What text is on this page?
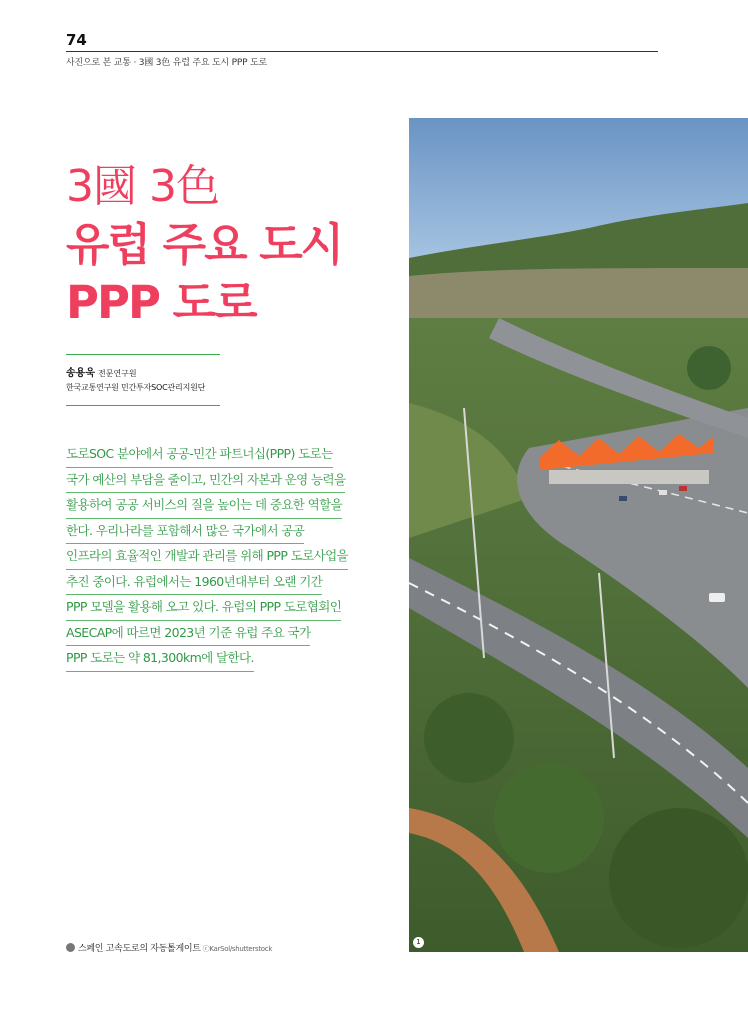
74
사진으로 본 교통 · 3國 3色 유럽 주요 도시 PPP 도로
3國 3色
유럽 주요 도시
PPP 도로
송용욱 전문연구원
한국교통연구원 민간투자SOC관리지원단
도로SOC 분야에서 공공-민간 파트너십(PPP) 도로는
국가 예산의 부담을 줄이고, 민간의 자본과 운영 능력을
활용하여 공공 서비스의 질을 높이는 데 중요한 역할을
한다. 우리나라를 포함해서 많은 국가에서 공공
인프라의 효율적인 개발과 관리를 위해 PPP 도로사업을
추진 중이다. 유럽에서는 1960년대부터 오랜 기간
PPP 모델을 활용해 오고 있다. 유럽의 PPP 도로협회인
ASECAP에 따르면 2023년 기준 유럽 주요 국가
PPP 도로는 약 81,300km에 달한다.
1
스페인 고속도로의 자동톨게이트 ⓒKarSol/shutterstock
